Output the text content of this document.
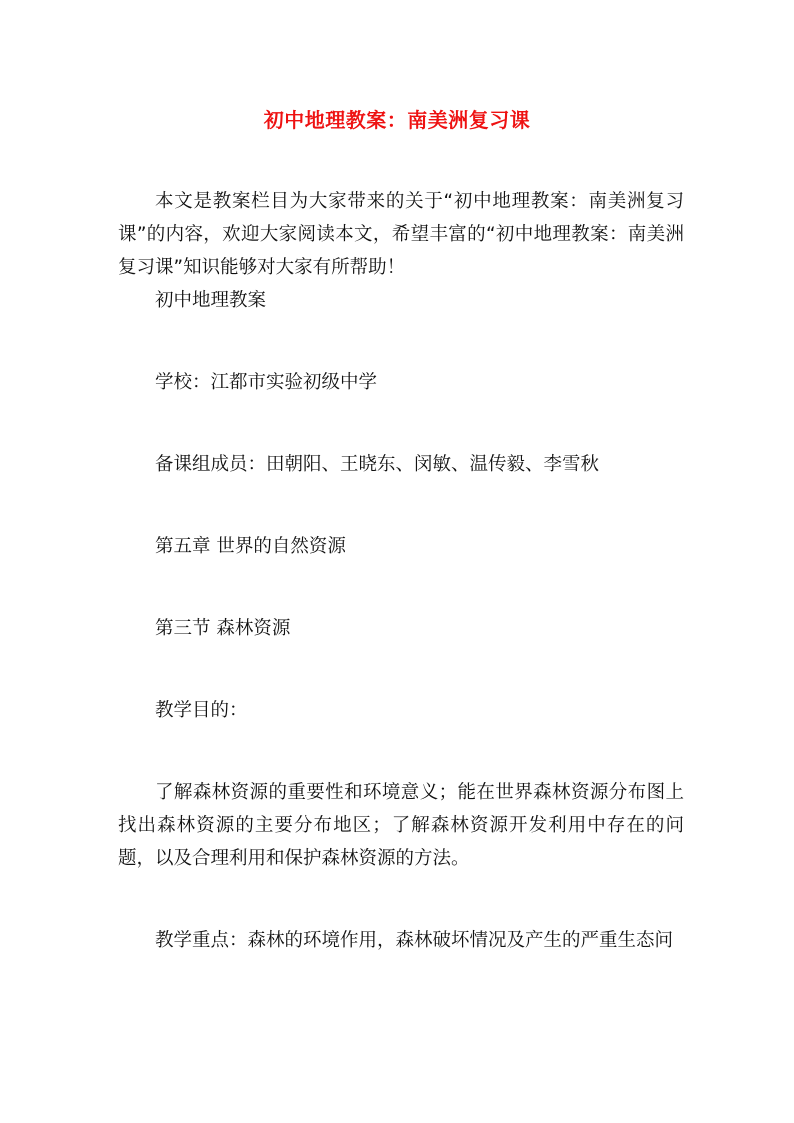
初中地理教案：南美洲复习课

本文是教案栏目为大家带来的关于“初中地理教案：南美洲复习课”的内容，欢迎大家阅读本文，希望丰富的“初中地理教案：南美洲复习课”知识能够对大家有所帮助！

初中地理教案

学校：江都市实验初级中学

备课组成员：田朝阳、王晓东、闵敏、温传毅、李雪秋

第五章 世界的自然资源

第三节 森林资源

教学目的：

了解森林资源的重要性和环境意义；能在世界森林资源分布图上找出森林资源的主要分布地区；了解森林资源开发利用中存在的问题，以及合理利用和保护森林资源的方法。

教学重点：森林的环境作用，森林破坏情况及产生的严重生态问
